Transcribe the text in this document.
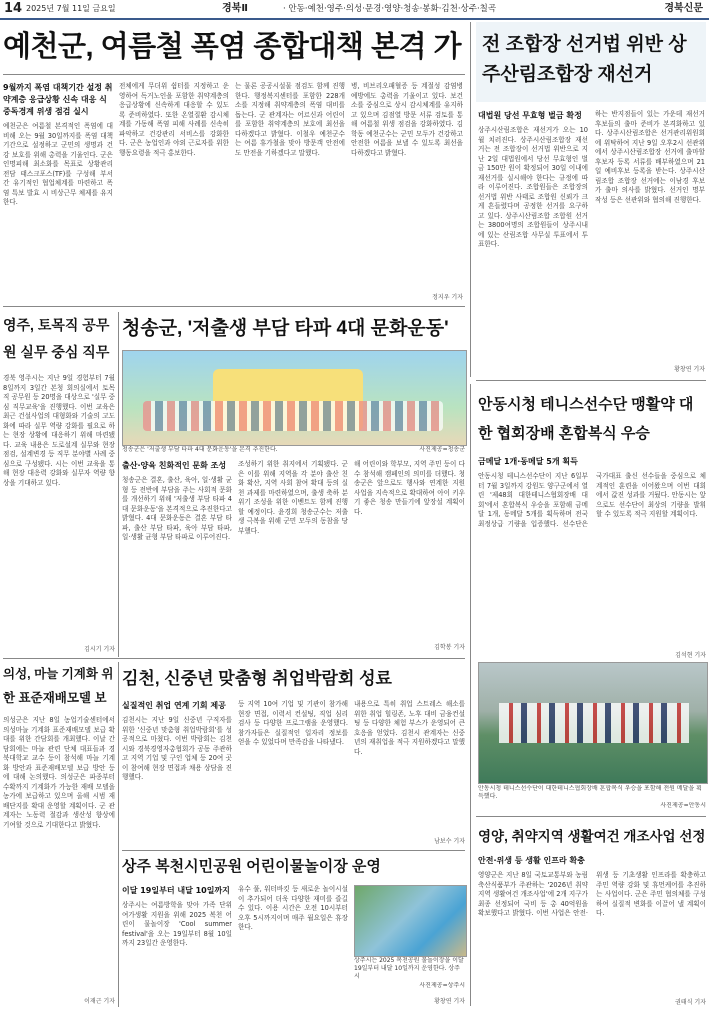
14 2025년 7월 11일 금요일	경북Ⅱ	· 안동·예천·영주·의성·문경·영양·청송·봉화·김천·상주·칠곡	경북신문
예천군, 여름철 폭염 종합대책 본격 가

9월까지 폭염 대책기간 설정 취약계층 응급상황 신속 대응 식중독경계 위생 점검 실시

예천군은 여름철 본격적인 폭염에 대비해 오는 9월 30일까지를 폭염 대책기간으로 설정하고 군민의 생명과 건강 보호를 위해 총력을 기울인다. 군은 인명피해 최소화를 목표로 상황관리 전담 태스크포스(TF)를 구성해 부서 간 유기적인 협업체계를 마련하고 폭염 특보 발효 시 비상근무 체제를 유지한다.

전체에게 무더위 쉼터를 지정하고 운영하여 독거노인을 포함한 취약계층의 응급상황에 신속하게 대응할 수 있도록 준비하였다. 또한 온열질환 감시체계를 가동해 폭염 피해 사례를 신속히 파악하고 건강관리 서비스를 강화한다. 군은 농업인과 야외 근로자를 위한 행동요령을 적극 홍보한다.

는 물론 공공시설물 점검도 함께 진행한다. 행정복지센터를 포함한 228개소를 지정해 취약계층의 폭염 대비를 돕는다. 군 관계자는 어르신과 어린이를 포함한 취약계층의 보호에 최선을 다하겠다고 밝혔다. 이철우 예천군수는 여름 휴가철을 맞아 방문객 안전에도 만전을 기하겠다고 말했다.

병, 비브리오패혈증 등 계절성 감염병 예방에도 총력을 기울이고 있다. 보건소를 중심으로 상시 감시체계를 유지하고 있으며 김점열 방문 서류 검토를 통해 여름철 위생 점검을 강화하였다. 김학동 예천군수는 군민 모두가 건강하고 안전한 여름을 보낼 수 있도록 최선을 다하겠다고 밝혔다.

정지우 기자
전 조합장 선거법 위반 상주산림조합장 재선거

대법원 당선 무효형 벌금 확정

상주시산림조합은 재선거가 오는 10월 치러진다. 상주시산림조합장 재선거는 전 조합장이 선거법 위반으로 지난 2일 대법원에서 당선 무효형인 벌금 150만 원이 확정되어 30일 이내에 재선거를 실시해야 한다는 규정에 따라 이루어진다. 조합원들은 조합장의 선거법 위반 사태로 조합원 신뢰가 크게 흔들렸다며 공정한 선거를 요구하고 있다. 상주시산림조합 조합원 선거는 3800여명의 조합원들이 상주시내에 있는 산림조합 사무실 투표에서 투표한다.

하는 반지점들이 있는 가운데 재선거 후보들의 출마 준비가 본격화하고 있다. 상주시산림조합은 선거관리위원회에 위탁하여 지난 9일 오후2시 선관위에서 상주시산림조합장 선거에 출마할 후보자 등록 서류를 배부하였으며 21일 예비후보 등록을 받는다. 상주시산림조합 조합장 선거에는 이남경 후보가 출마 의사를 밝혔다. 선거인 명부 작성 등은 선관위와 협의해 진행한다.

황창연 기자
영주, 토목직 공무원 실무 중심 직무

경북 영주시는 지난 9일 경험부터 7월 8일까지 3일간 본청 회의실에서 토목직 공무원 등 20명을 대상으로 '실무 중심 직무교육'을 진행했다. 이번 교육은 최근 건설사업의 대형화와 기술의 고도화에 따라 실무 역량 강화를 필요로 하는 현장 상황에 대응하기 위해 마련됐다. 교육 내용은 도로설계 실무와 현장 점검, 설계변경 등 직무 분야별 사례 중심으로 구성됐다. 시는 이번 교육을 통해 현장 대응력 강화와 실무자 역량 향상을 기대하고 있다.

김시기 기자
청송군, '저출생 부담 타파 4대 문화운동'
청송군은 '저출생 부담 타파 4대 문화운동'을 본격 추진한다.	사진제공=청송군

출산·양육 친화적인 문화 조성

청송군은 결혼, 출산, 육아, 일·생활 균형 등 전반에 부담을 주는 사회적 문화를 개선하기 위해 '저출생 부담 타파 4대 문화운동'을 본격적으로 추진한다고 밝혔다. 4대 문화운동은 결혼 부담 타파, 출산 부담 타파, 육아 부담 타파, 일·생활 균형 부담 타파로 이루어진다.

조성하기 위한 취지에서 기획됐다. 군은 이를 위해 지역을 각 분야 출산 친화 확산, 지역 사회 참여 확대 등의 실천 과제를 마련하였으며, 출생 축하 분위기 조성을 위한 이벤트도 함께 진행할 예정이다. 윤경희 청송군수는 저출생 극복을 위해 군민 모두의 동참을 당부했다.

해 어린이와 학부모, 지역 주민 등이 다수 참석해 캠페인의 의미를 더했다. 청송군은 앞으로도 행사와 연계한 지원 사업을 지속적으로 확대하여 아이 키우기 좋은 청송 만들기에 앞장설 계획이다.

김학봉 기자
의성, 마늘 기계화 위한 표준재배모델 보

의성군은 지난 8일 농업기술센터에서 의성마늘 기계화 표준재배모델 보급 확대를 위한 간담회를 개최했다. 이날 간담회에는 마늘 관련 단체 대표들과 경북대학교 교수 등이 참석해 마늘 기계화 방안과 표준재배모델 보급 방안 등에 대해 논의했다. 의성군은 파종부터 수확까지 기계화가 가능한 재배 모델을 농가에 보급하고 있으며 올해 시범 재배단지를 확대 운영할 계획이다. 군 관계자는 노동력 절감과 생산성 향상에 기여할 것으로 기대한다고 밝혔다.

이재근 기자
김천, 신중년 맞춤형 취업박람회 성료

실질적인 취업 연계 기회 제공

김천시는 지난 9일 신중년 구직자를 위한 '신중년 맞춤형 취업박람회'를 성공적으로 마쳤다. 이번 박람회는 김천시와 경북경영자총협회가 공동 주관하고 지역 기업 및 구인 업체 등 20여 곳이 참여해 현장 면접과 채용 상담을 진행했다.

등 지역 10여 기업 및 기관이 참가해 현장 면접, 이력서 컨설팅, 직업 심리검사 등 다양한 프로그램을 운영했다. 참가자들은 실질적인 일자리 정보를 얻을 수 있었다며 만족감을 나타냈다.

내용으로 특히 취업 스트레스 해소를 위한 취업 힐링존, 노후 대비 금융컨설팅 등 다양한 체험 부스가 운영되어 큰 호응을 얻었다. 김천시 관계자는 신중년의 재취업을 적극 지원하겠다고 말했다.

남보수 기자
상주 복천시민공원 어린이물놀이장 운영

이달 19일부터 내달 10일까지

상주시는 여름방학을 맞아 가족 단위 여가생활 지원을 위해 2025 복천 어린이 물놀이장 'Cool summer festival'을 오는 19일부터 8월 10일까지 23일간 운영한다.

유수 풀, 워터바킷 등 새로운 놀이시설이 추가되어 더욱 다양한 재미를 즐길 수 있다. 이용 시간은 오전 10시부터 오후 5시까지이며 매주 월요일은 휴장한다.

상주시는 2025 복천공원 물놀이장을 이달 19일부터 내달 10일까지 운영한다. 상주시
사진제공=상주시
황창연 기자
안동시청 테니스선수단 맹활약 대한 협회장배 혼합복식 우승

금메달 1개·동메달 5개 획득

안동시청 테니스선수단이 지난 6일부터 7월 3일까지 강원도 양구군에서 열린 '제48회 대한테니스협회장배 대회'에서 혼합복식 우승을 포함해 금메달 1개, 동메달 5개를 획득하며 전국 최정상급 기량을 입증했다. 선수단은 국가대표 출신 선수들을 중심으로 체계적인 훈련을 이어왔으며 이번 대회에서 값진 성과를 거뒀다. 안동시는 앞으로도 선수단이 최상의 기량을 발휘할 수 있도록 적극 지원할 계획이다.

김석현 기자
안동시청 테니스선수단이 대한테니스협회장배 혼합복식 우승을 포함해 전원 메달을 획득했다.
사진제공=안동시
영양, 취약지역 생활여건 개조사업 선정

안전·위생 등 생활 인프라 확충

영양군은 지난 8일 국토교통부와 농림축산식품부가 주관하는 '2026년 취약지역 생활여건 개조사업'에 2개 지구가 최종 선정되어 국비 등 총 40억원을 확보했다고 밝혔다. 이번 사업은 안전·위생 등 기초생활 인프라를 확충하고 주민 역량 강화 및 휴먼케어를 추진하는 사업이다. 군은 주민 협의체를 구성하여 실질적 변화를 이끌어 낼 계획이다.

권태식 기자
